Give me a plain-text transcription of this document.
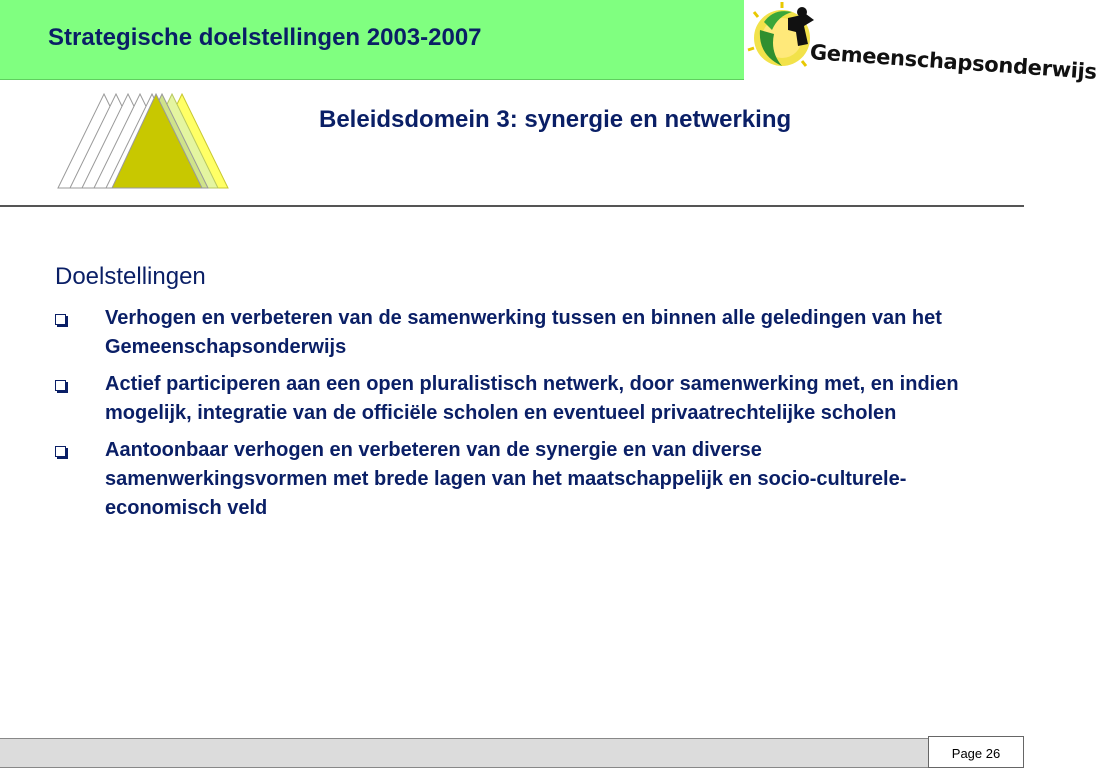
Strategische doelstellingen 2003-2007
Gemeenschapsonderwijs
Beleidsdomein 3: synergie en netwerking
Doelstellingen
Verhogen en verbeteren van de samenwerking tussen en binnen alle geledingen van het Gemeenschapsonderwijs
Actief participeren aan een open pluralistisch netwerk, door samenwerking met, en indien mogelijk, integratie van de officiële scholen en eventueel privaatrechtelijke scholen
Aantoonbaar verhogen en verbeteren van de synergie en van diverse samenwerkingsvormen met brede lagen van het maatschappelijk en socio-culturele-economisch veld
Page 26
